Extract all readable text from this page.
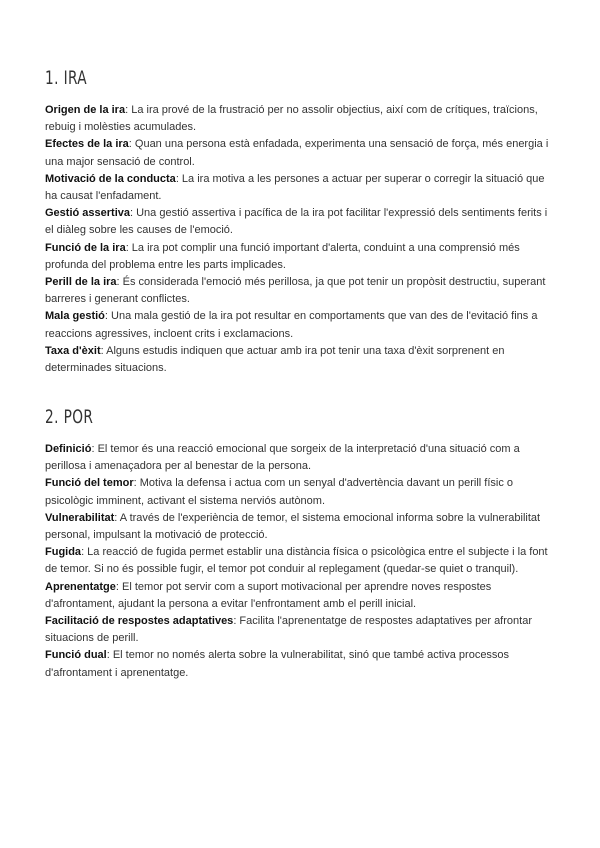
1. IRA

Origen de la ira: La ira prové de la frustració per no assolir objectius, així com de crítiques, traïcions, rebuig i molèsties acumulades.

Efectes de la ira: Quan una persona està enfadada, experimenta una sensació de força, més energia i una major sensació de control.

Motivació de la conducta: La ira motiva a les persones a actuar per superar o corregir la situació que ha causat l'enfadament.

Gestió assertiva: Una gestió assertiva i pacífica de la ira pot facilitar l'expressió dels sentiments ferits i el diàleg sobre les causes de l'emoció.

Funció de la ira: La ira pot complir una funció important d'alerta, conduint a una comprensió més profunda del problema entre les parts implicades.

Perill de la ira: És considerada l'emoció més perillosa, ja que pot tenir un propòsit destructiu, superant barreres i generant conflictes.

Mala gestió: Una mala gestió de la ira pot resultar en comportaments que van des de l'evitació fins a reaccions agressives, incloent crits i exclamacions.

Taxa d'èxit: Alguns estudis indiquen que actuar amb ira pot tenir una taxa d'èxit sorprenent en determinades situacions.

2. POR

Definició: El temor és una reacció emocional que sorgeix de la interpretació d'una situació com a perillosa i amenaçadora per al benestar de la persona.

Funció del temor: Motiva la defensa i actua com un senyal d'advertència davant un perill físic o psicològic imminent, activant el sistema nerviós autònom.

Vulnerabilitat: A través de l'experiència de temor, el sistema emocional informa sobre la vulnerabilitat personal, impulsant la motivació de protecció.

Fugida: La reacció de fugida permet establir una distància física o psicològica entre el subjecte i la font de temor. Si no és possible fugir, el temor pot conduir al replegament (quedar-se quiet o tranquil).

Aprenentatge: El temor pot servir com a suport motivacional per aprendre noves respostes d'afrontament, ajudant la persona a evitar l'enfrontament amb el perill inicial.

Facilitació de respostes adaptatives: Facilita l'aprenentatge de respostes adaptatives per afrontar situacions de perill.

Funció dual: El temor no només alerta sobre la vulnerabilitat, sinó que també activa processos d'afrontament i aprenentatge.
